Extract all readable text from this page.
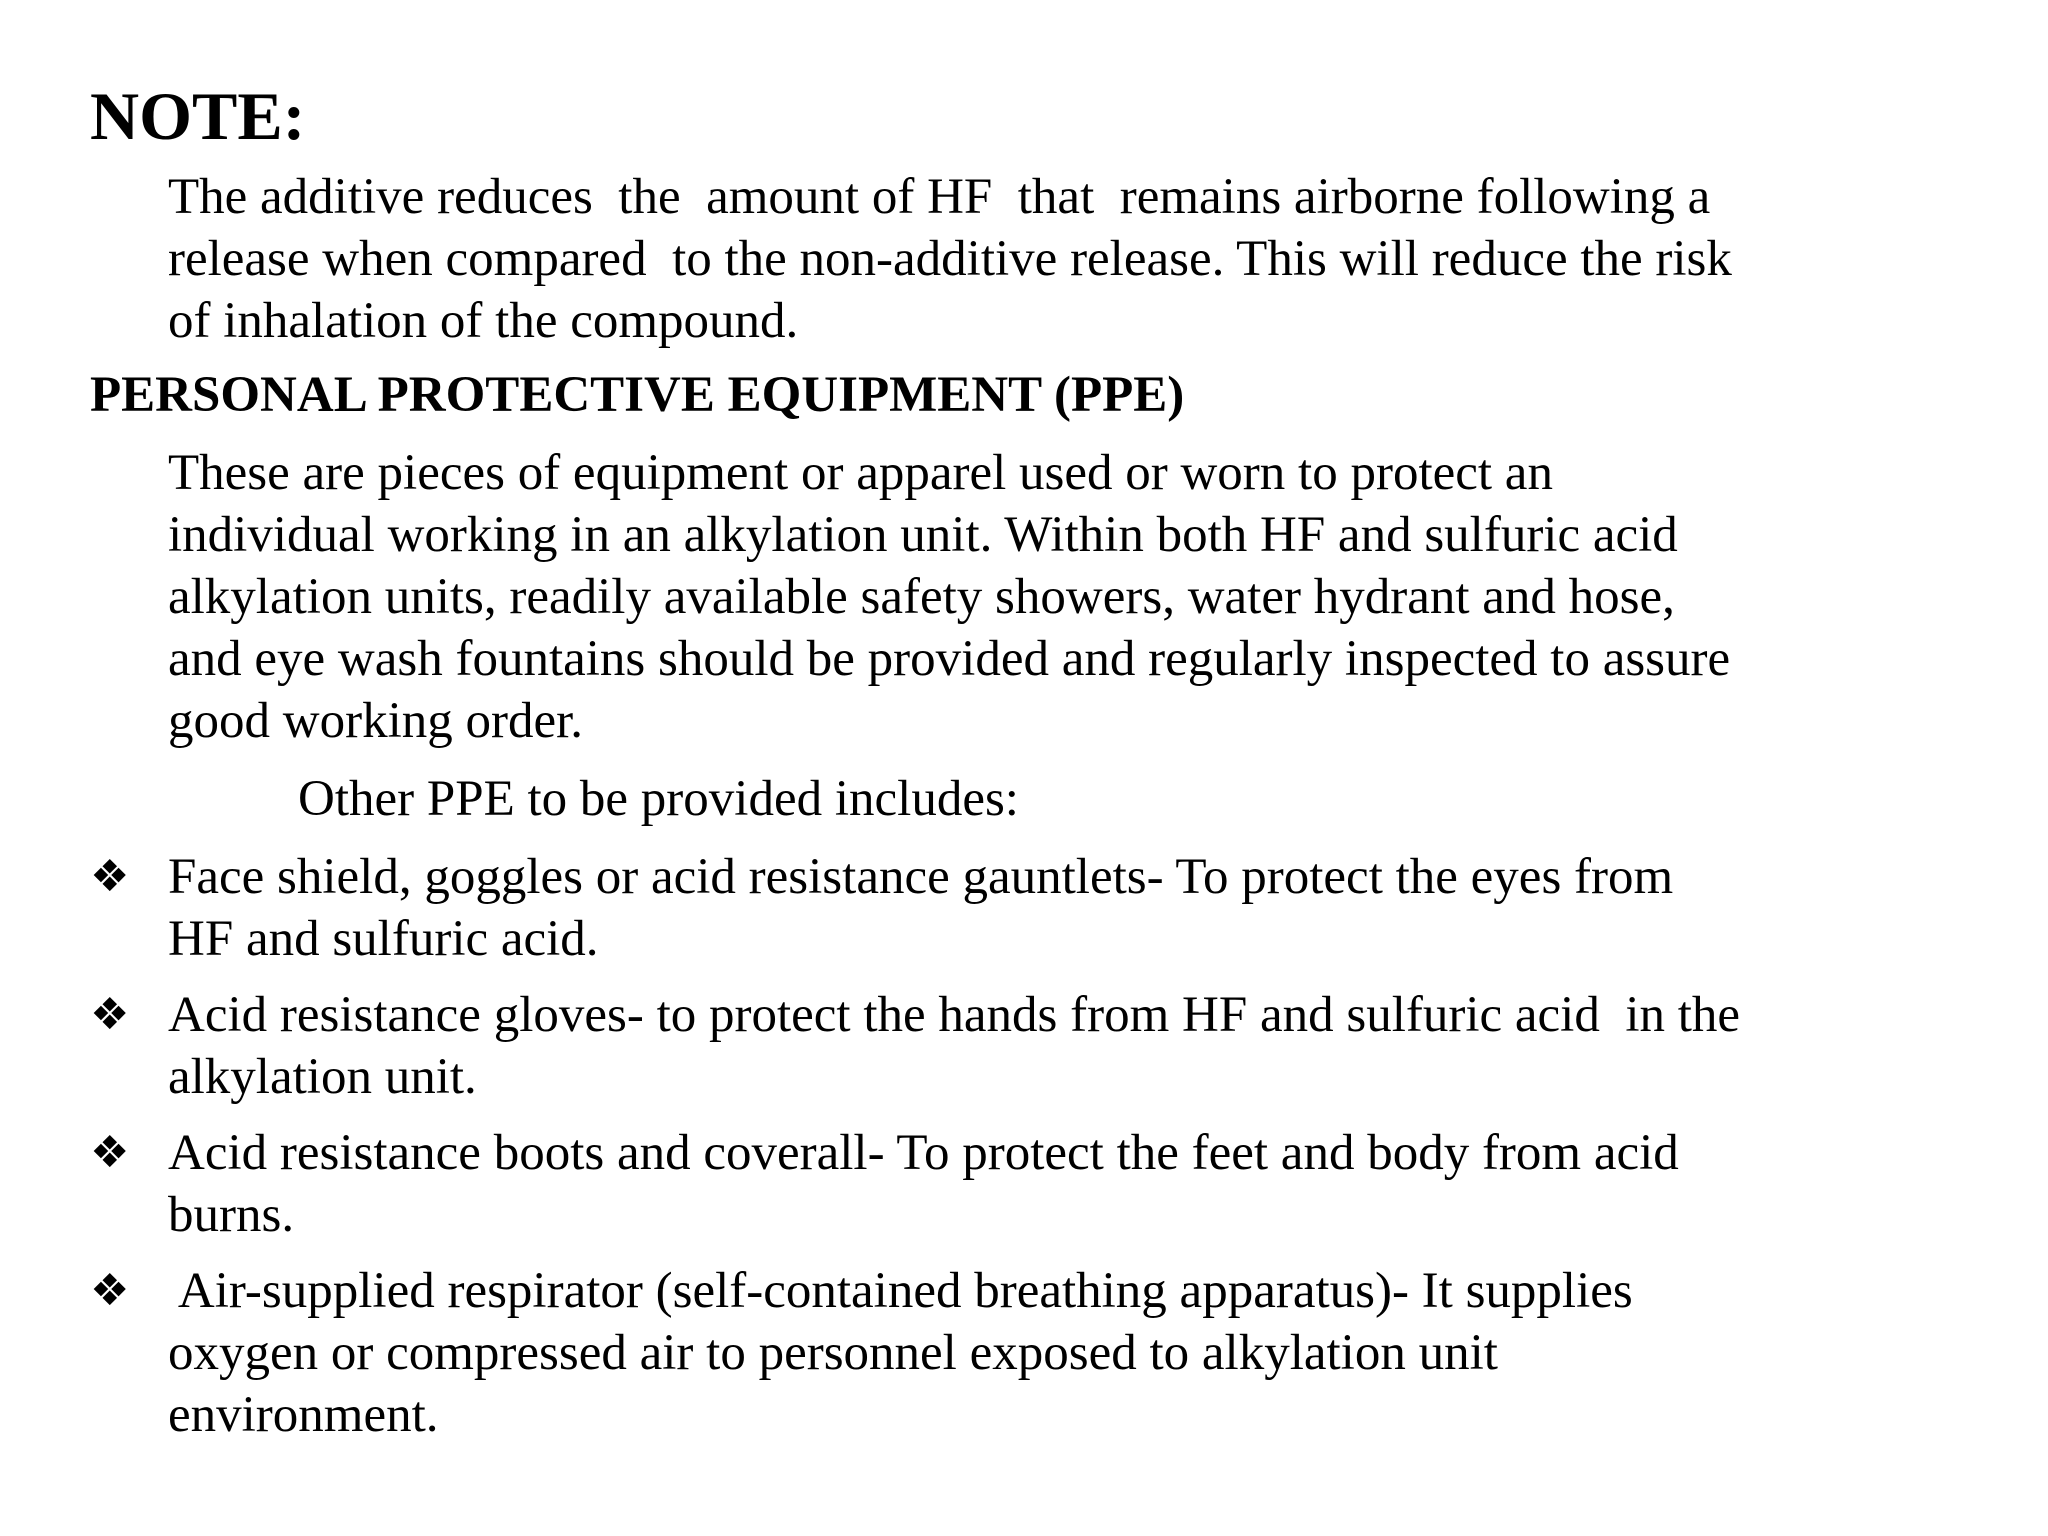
NOTE:

The additive reduces  the  amount of HF  that  remains airborne following a

release when compared  to the non-additive release. This will reduce the risk

of inhalation of the compound.

PERSONAL PROTECTIVE EQUIPMENT (PPE)

These are pieces of equipment or apparel used or worn to protect an

individual working in an alkylation unit. Within both HF and sulfuric acid

alkylation units, readily available safety showers, water hydrant and hose,

and eye wash fountains should be provided and regularly inspected to assure

good working order.

Other PPE to be provided includes:

❖ Face shield, goggles or acid resistance gauntlets- To protect the eyes from

HF and sulfuric acid.

❖ Acid resistance gloves- to protect the hands from HF and sulfuric acid  in the

alkylation unit.

❖ Acid resistance boots and coverall- To protect the feet and body from acid

burns.

❖ Air-supplied respirator (self-contained breathing apparatus)- It supplies

oxygen or compressed air to personnel exposed to alkylation unit

environment.
